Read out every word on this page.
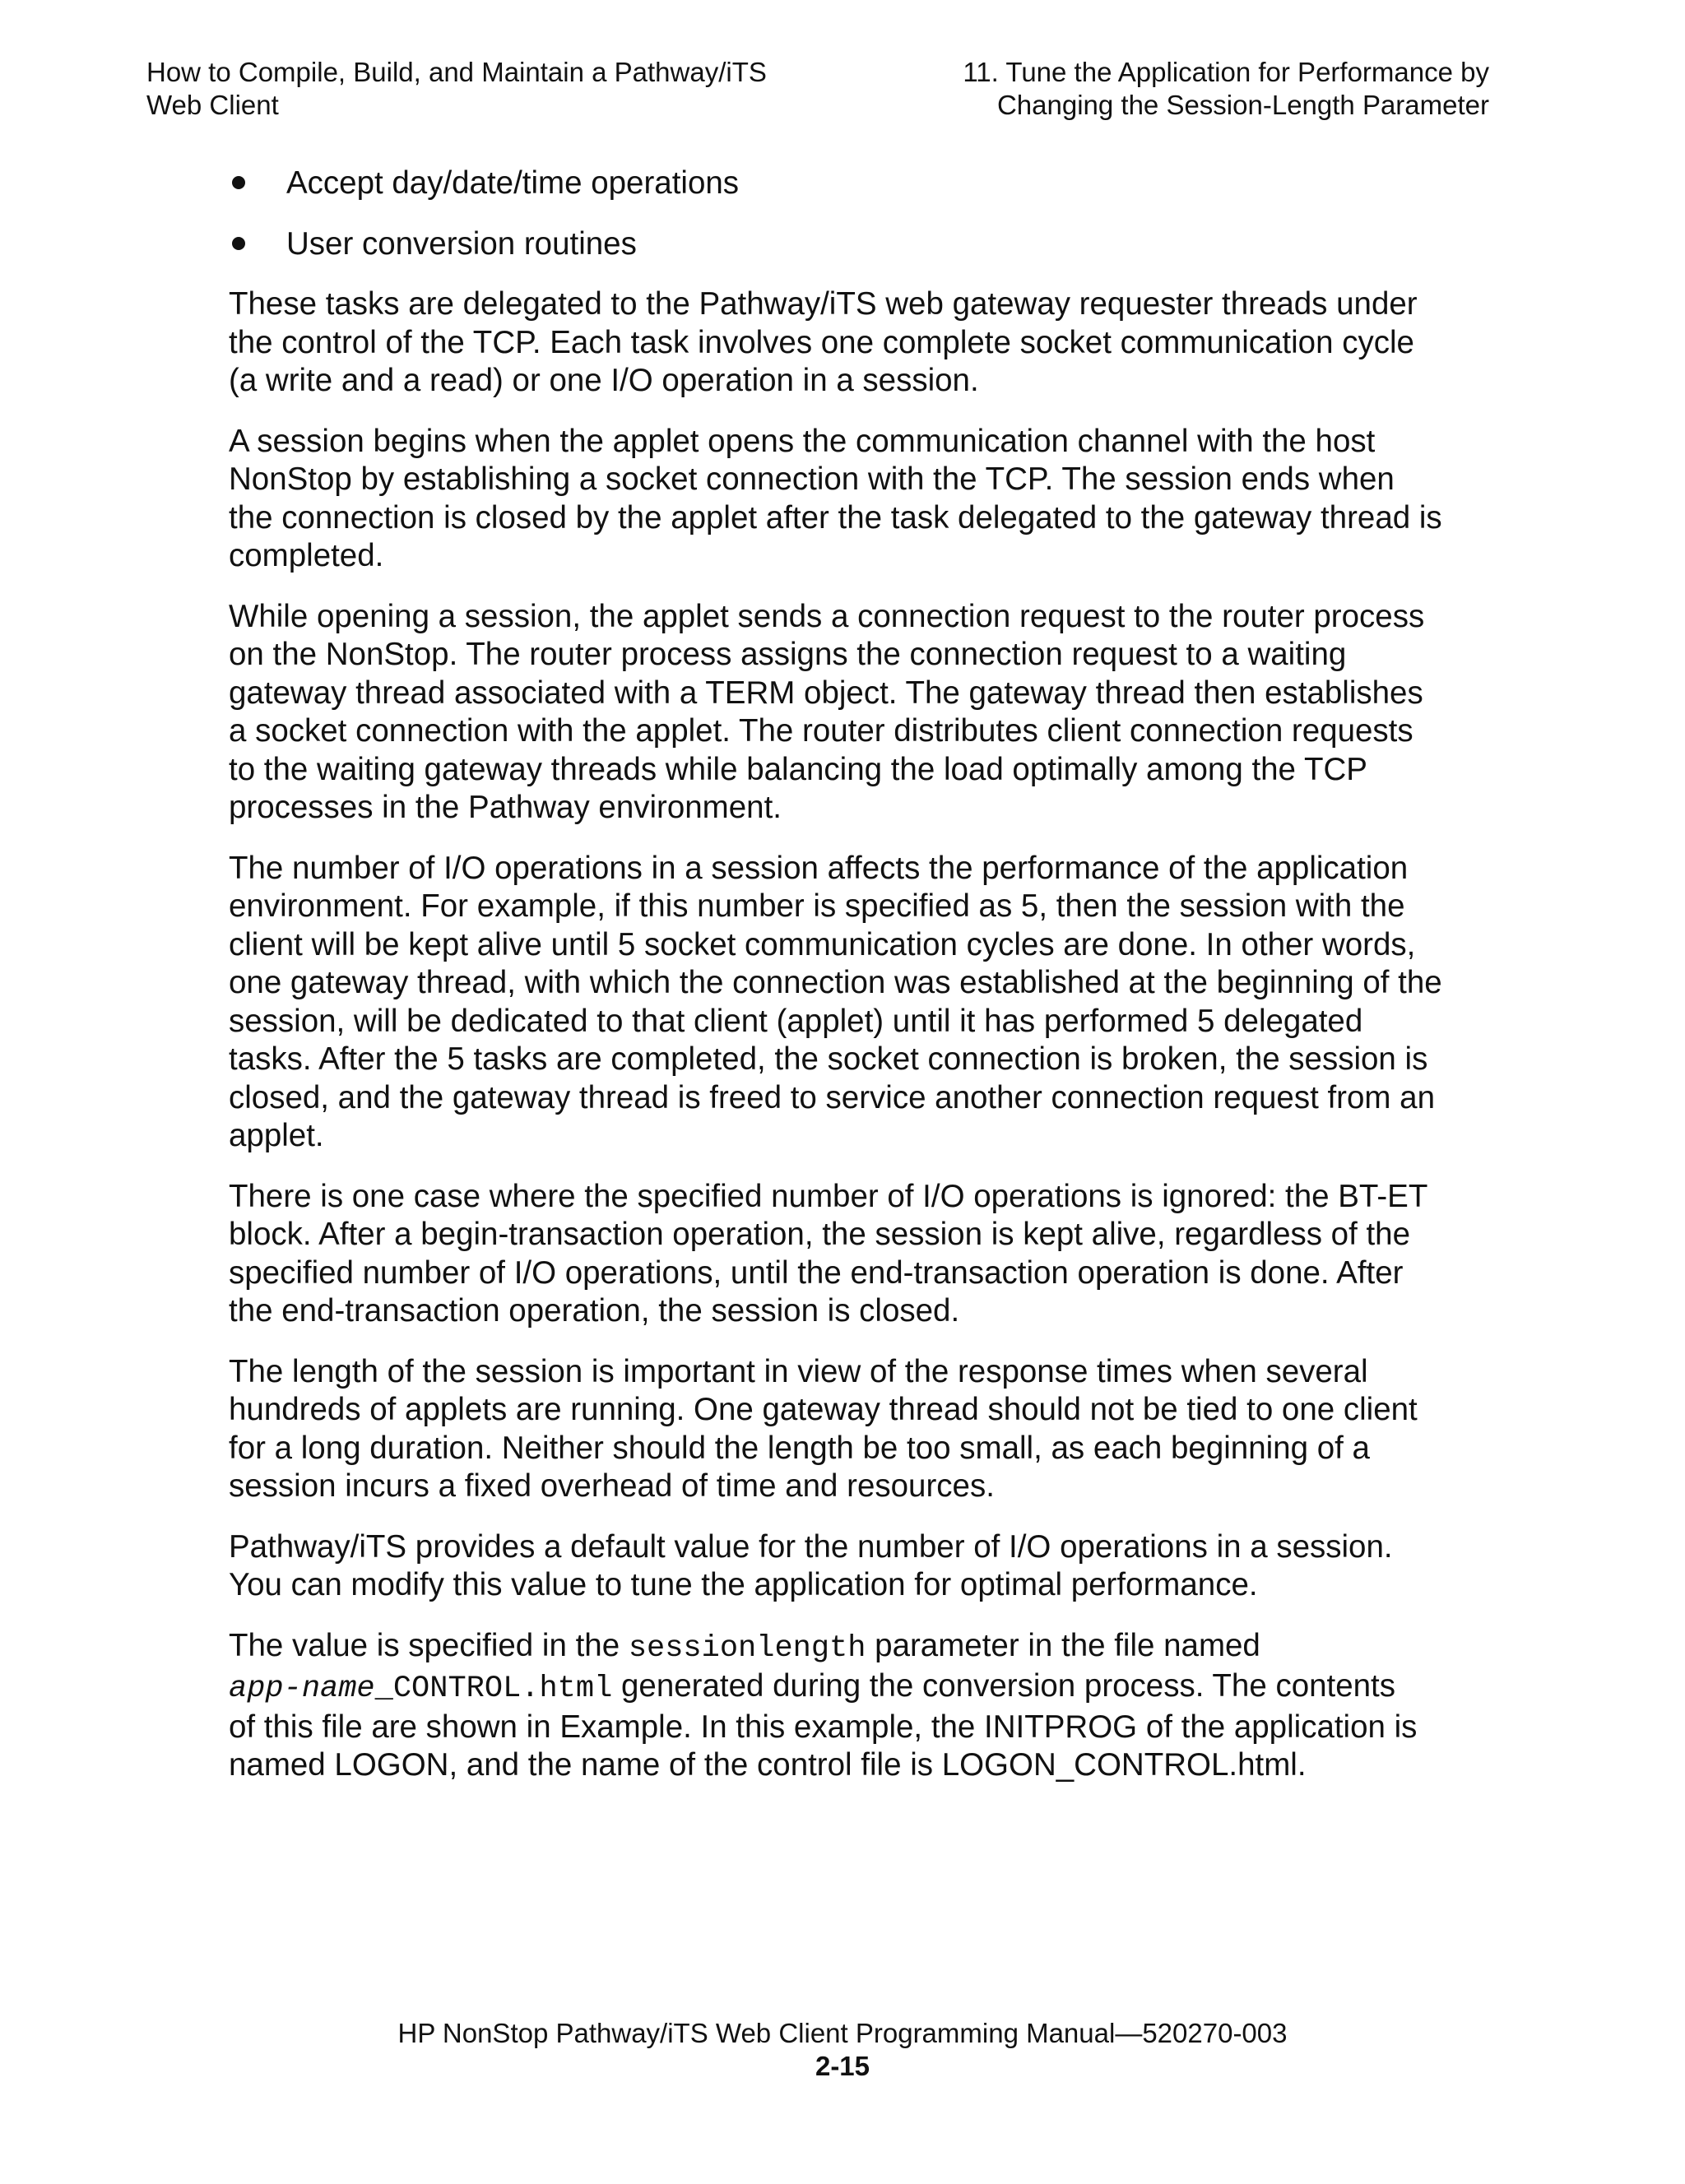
How to Compile, Build, and Maintain a Pathway/iTS
Web Client
11. Tune the Application for Performance by
Changing the Session-Length Parameter
Accept day/date/time operations
User conversion routines

These tasks are delegated to the Pathway/iTS web gateway requester threads under
the control of the TCP. Each task involves one complete socket communication cycle
(a write and a read) or one I/O operation in a session.

A session begins when the applet opens the communication channel with the host
NonStop by establishing a socket connection with the TCP. The session ends when
the connection is closed by the applet after the task delegated to the gateway thread is
completed.

While opening a session, the applet sends a connection request to the router process
on the NonStop. The router process assigns the connection request to a waiting
gateway thread associated with a TERM object. The gateway thread then establishes
a socket connection with the applet. The router distributes client connection requests
to the waiting gateway threads while balancing the load optimally among the TCP
processes in the Pathway environment.

The number of I/O operations in a session affects the performance of the application
environment. For example, if this number is specified as 5, then the session with the
client will be kept alive until 5 socket communication cycles are done. In other words,
one gateway thread, with which the connection was established at the beginning of the
session, will be dedicated to that client (applet) until it has performed 5 delegated
tasks. After the 5 tasks are completed, the socket connection is broken, the session is
closed, and the gateway thread is freed to service another connection request from an
applet.

There is one case where the specified number of I/O operations is ignored: the BT-ET
block. After a begin-transaction operation, the session is kept alive, regardless of the
specified number of I/O operations, until the end-transaction operation is done. After
the end-transaction operation, the session is closed.

The length of the session is important in view of the response times when several
hundreds of applets are running. One gateway thread should not be tied to one client
for a long duration. Neither should the length be too small, as each beginning of a
session incurs a fixed overhead of time and resources.

Pathway/iTS provides a default value for the number of I/O operations in a session.
You can modify this value to tune the application for optimal performance.

The value is specified in the sessionlength parameter in the file named
app-name_CONTROL.html generated during the conversion process. The contents
of this file are shown in Example. In this example, the INITPROG of the application is
named LOGON, and the name of the control file is LOGON_CONTROL.html.

HP NonStop Pathway/iTS Web Client Programming Manual—520270-003
2-15
